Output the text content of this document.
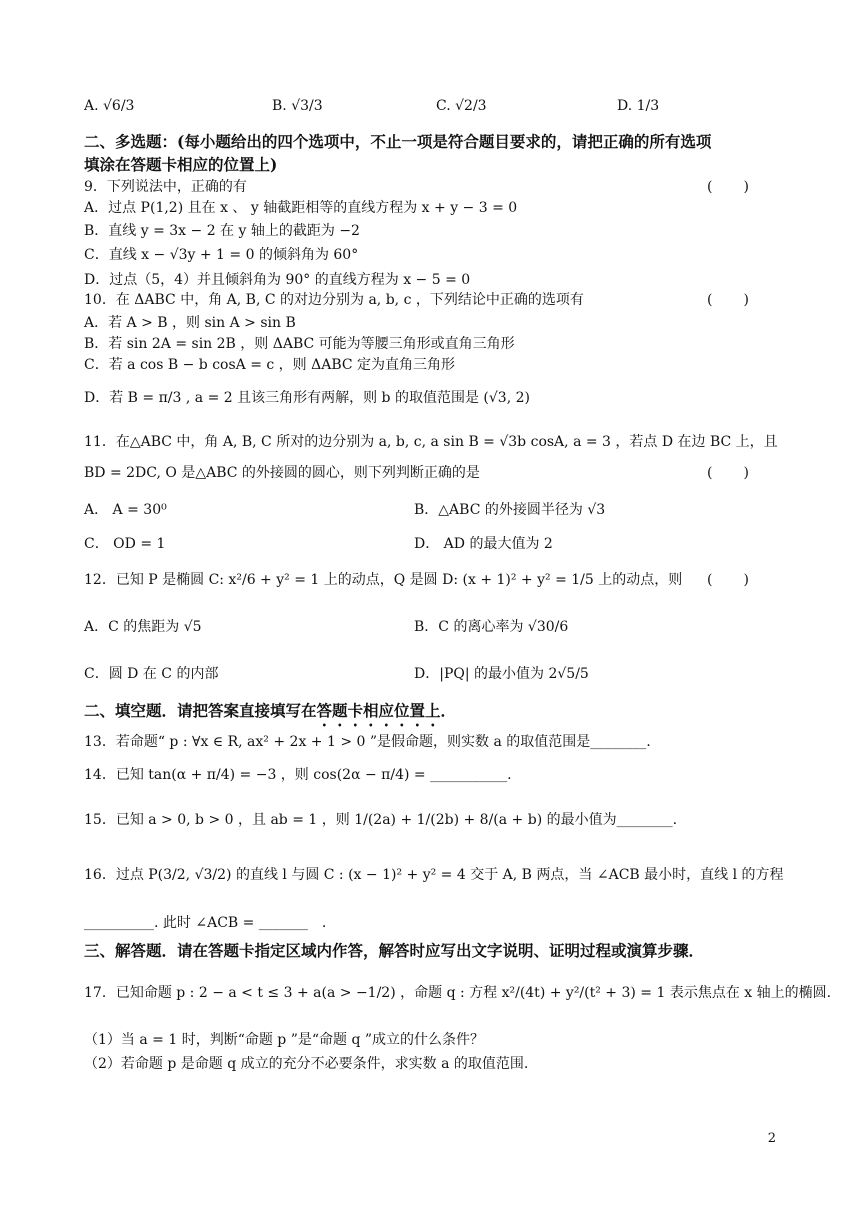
A. √6/3	B. √3/3	C. √2/3	D. 1/3
二、多选题：(每小题给出的四个选项中，不止一项是符合题目要求的，请把正确的所有选项
填涂在答题卡相应的位置上)
9．下列说法中，正确的有	(　　)
A．过点 P(1,2) 且在 x 、 y 轴截距相等的直线方程为 x + y − 3 = 0
B．直线 y = 3x − 2 在 y 轴上的截距为 −2
C．直线 x − √3y + 1 = 0 的倾斜角为 60°
D．过点（5，4）并且倾斜角为 90° 的直线方程为 x − 5 = 0
10．在 ΔABC 中，角 A, B, C 的对边分别为 a, b, c ，下列结论中正确的选项有	(　　)
A．若 A > B ，则 sin A > sin B
B．若 sin 2A = sin 2B ，则 ΔABC 可能为等腰三角形或直角三角形
C．若 a cos B − b cosA = c ，则 ΔABC 定为直角三角形
D．若 B = π/3 , a = 2 且该三角形有两解，则 b 的取值范围是 (√3, 2)
11．在△ABC 中，角 A, B, C 所对的边分别为 a, b, c, a sin B = √3b cosA, a = 3 ，若点 D 在边 BC 上，且
BD = 2DC, O 是△ABC 的外接圆的圆心，则下列判断正确的是	(　　)
A． A = 30⁰	B．△ABC 的外接圆半径为 √3
C． OD = 1	D． AD 的最大值为 2
12．已知 P 是椭圆 C: x²/6 + y² = 1 上的动点，Q 是圆 D: (x + 1)² + y² = 1/5 上的动点，则 (　　)
A．C 的焦距为 √5	B．C 的离心率为 √30/6
C．圆 D 在 C 的内部	D．|PQ| 的最小值为 2√5/5
二、填空题．请把答案直接填写在答题卡相应位置上．
13．若命题“ p : ∀x ∈ R, ax² + 2x + 1 > 0 ”是假命题，则实数 a 的取值范围是________.
14．已知 tan(α + π/4) = −3 ，则 cos(2α − π/4) = ___________.
15．已知 a > 0, b > 0 ，且 ab = 1 ，则 1/(2a) + 1/(2b) + 8/(a + b) 的最小值为________.
16．过点 P(3/2, √3/2) 的直线 l 与圆 C : (x − 1)² + y² = 4 交于 A, B 两点，当 ∠ACB 最小时，直线 l 的方程
__________. 此时 ∠ACB = _______　.
三、解答题．请在答题卡指定区域内作答，解答时应写出文字说明、证明过程或演算步骤．
17．已知命题 p : 2 − a < t ≤ 3 + a(a > −1/2) ，命题 q : 方程 x²/(4t) + y²/(t² + 3) = 1 表示焦点在 x 轴上的椭圆.
（1）当 a = 1 时，判断“命题 p ”是“命题 q ”成立的什么条件？
（2）若命题 p 是命题 q 成立的充分不必要条件，求实数 a 的取值范围.
2
